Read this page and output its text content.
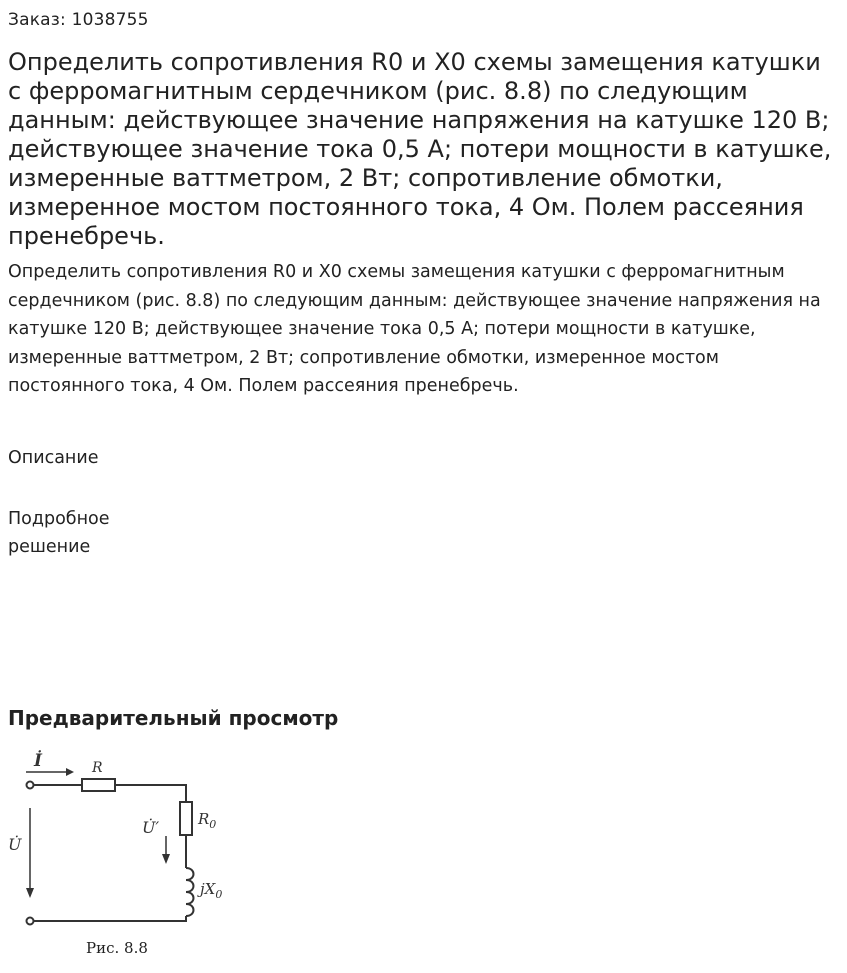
Заказ: 1038755
Определить сопротивления R0 и X0 схемы замещения катушки с ферромагнитным сердечником (рис. 8.8) по следующим данным: действующее значение напряжения на катушке 120 В; действующее значение тока 0,5 А; потери мощности в катушке, измеренные ваттметром, 2 Вт; сопротивление обмотки, измеренное мостом постоянного тока, 4 Ом. Полем рассеяния пренебречь.

Определить сопротивления R0 и X0 схемы замещения катушки с ферромагнитным сердечником (рис. 8.8) по следующим данным: действующее значение напряжения на катушке 120 В; действующее значение тока 0,5 А; потери мощности в катушке, измеренные ваттметром, 2 Вт; сопротивление обмотки, измеренное мостом постоянного тока, 4 Ом. Полем рассеяния пренебречь.

Описание
Подробное решение
Предварительный просмотр
İ	R
U̇
U̇′	$R_0$
$jX_0$
Рис. 8.8
